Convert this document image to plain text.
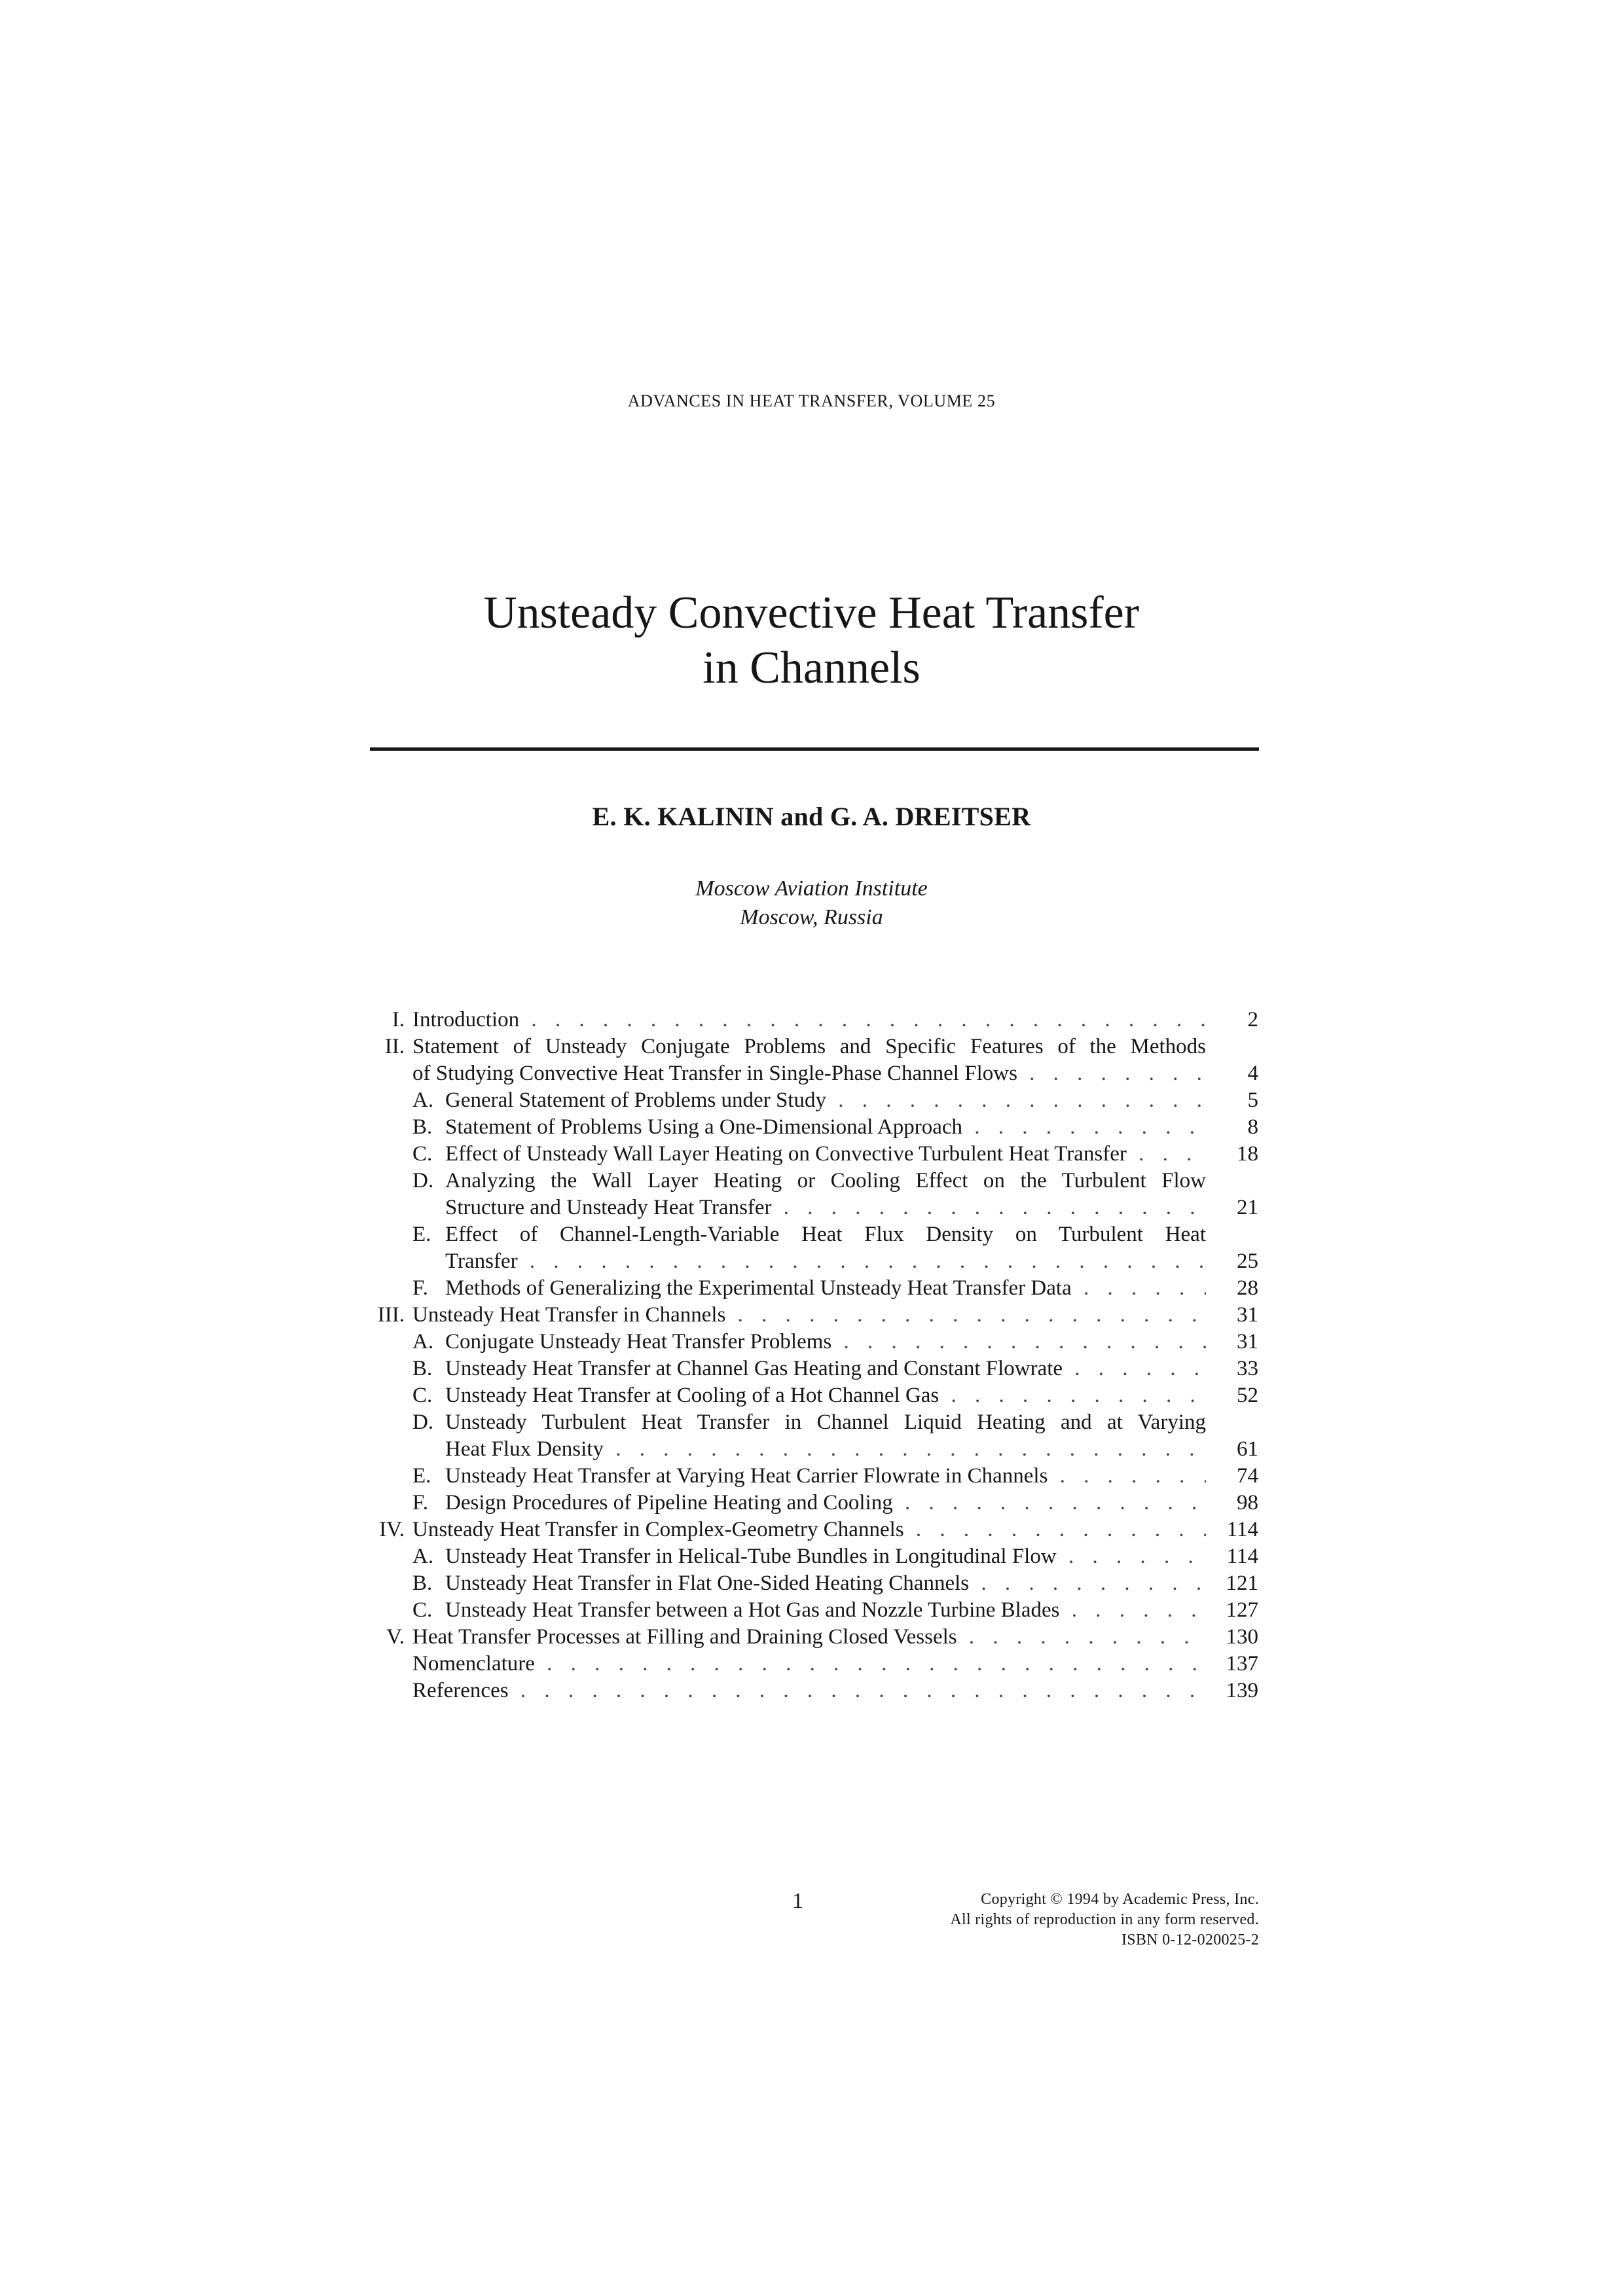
ADVANCES IN HEAT TRANSFER, VOLUME 25
Unsteady Convective Heat Transfer
in Channels
E. K. KALININ and G. A. DREITSER
Moscow Aviation Institute
Moscow, Russia
I. Introduction . . .	2
II. Statement of Unsteady Conjugate Problems and Specific Features of the Methods
of Studying Convective Heat Transfer in Single-Phase Channel Flows . . .	4
A. General Statement of Problems under Study . . .	5
B. Statement of Problems Using a One-Dimensional Approach . . .	8
C. Effect of Unsteady Wall Layer Heating on Convective Turbulent Heat Transfer . . .	18
D. Analyzing the Wall Layer Heating or Cooling Effect on the Turbulent Flow
Structure and Unsteady Heat Transfer . . .	21
E. Effect of Channel-Length-Variable Heat Flux Density on Turbulent Heat
Transfer . . .	25
F. Methods of Generalizing the Experimental Unsteady Heat Transfer Data . . .	28
III. Unsteady Heat Transfer in Channels . . .	31
A. Conjugate Unsteady Heat Transfer Problems . . .	31
B. Unsteady Heat Transfer at Channel Gas Heating and Constant Flowrate . . .	33
C. Unsteady Heat Transfer at Cooling of a Hot Channel Gas . . .	52
D. Unsteady Turbulent Heat Transfer in Channel Liquid Heating and at Varying
Heat Flux Density . . .	61
E. Unsteady Heat Transfer at Varying Heat Carrier Flowrate in Channels . . .	74
F. Design Procedures of Pipeline Heating and Cooling . . .	98
IV. Unsteady Heat Transfer in Complex-Geometry Channels . . .	114
A. Unsteady Heat Transfer in Helical-Tube Bundles in Longitudinal Flow . . .	114
B. Unsteady Heat Transfer in Flat One-Sided Heating Channels . . .	121
C. Unsteady Heat Transfer between a Hot Gas and Nozzle Turbine Blades . . .	127
V. Heat Transfer Processes at Filling and Draining Closed Vessels . . .	130
Nomenclature . . .	137
References . . .	139
1	Copyright © 1994 by Academic Press, Inc.
All rights of reproduction in any form reserved.
ISBN 0-12-020025-2
